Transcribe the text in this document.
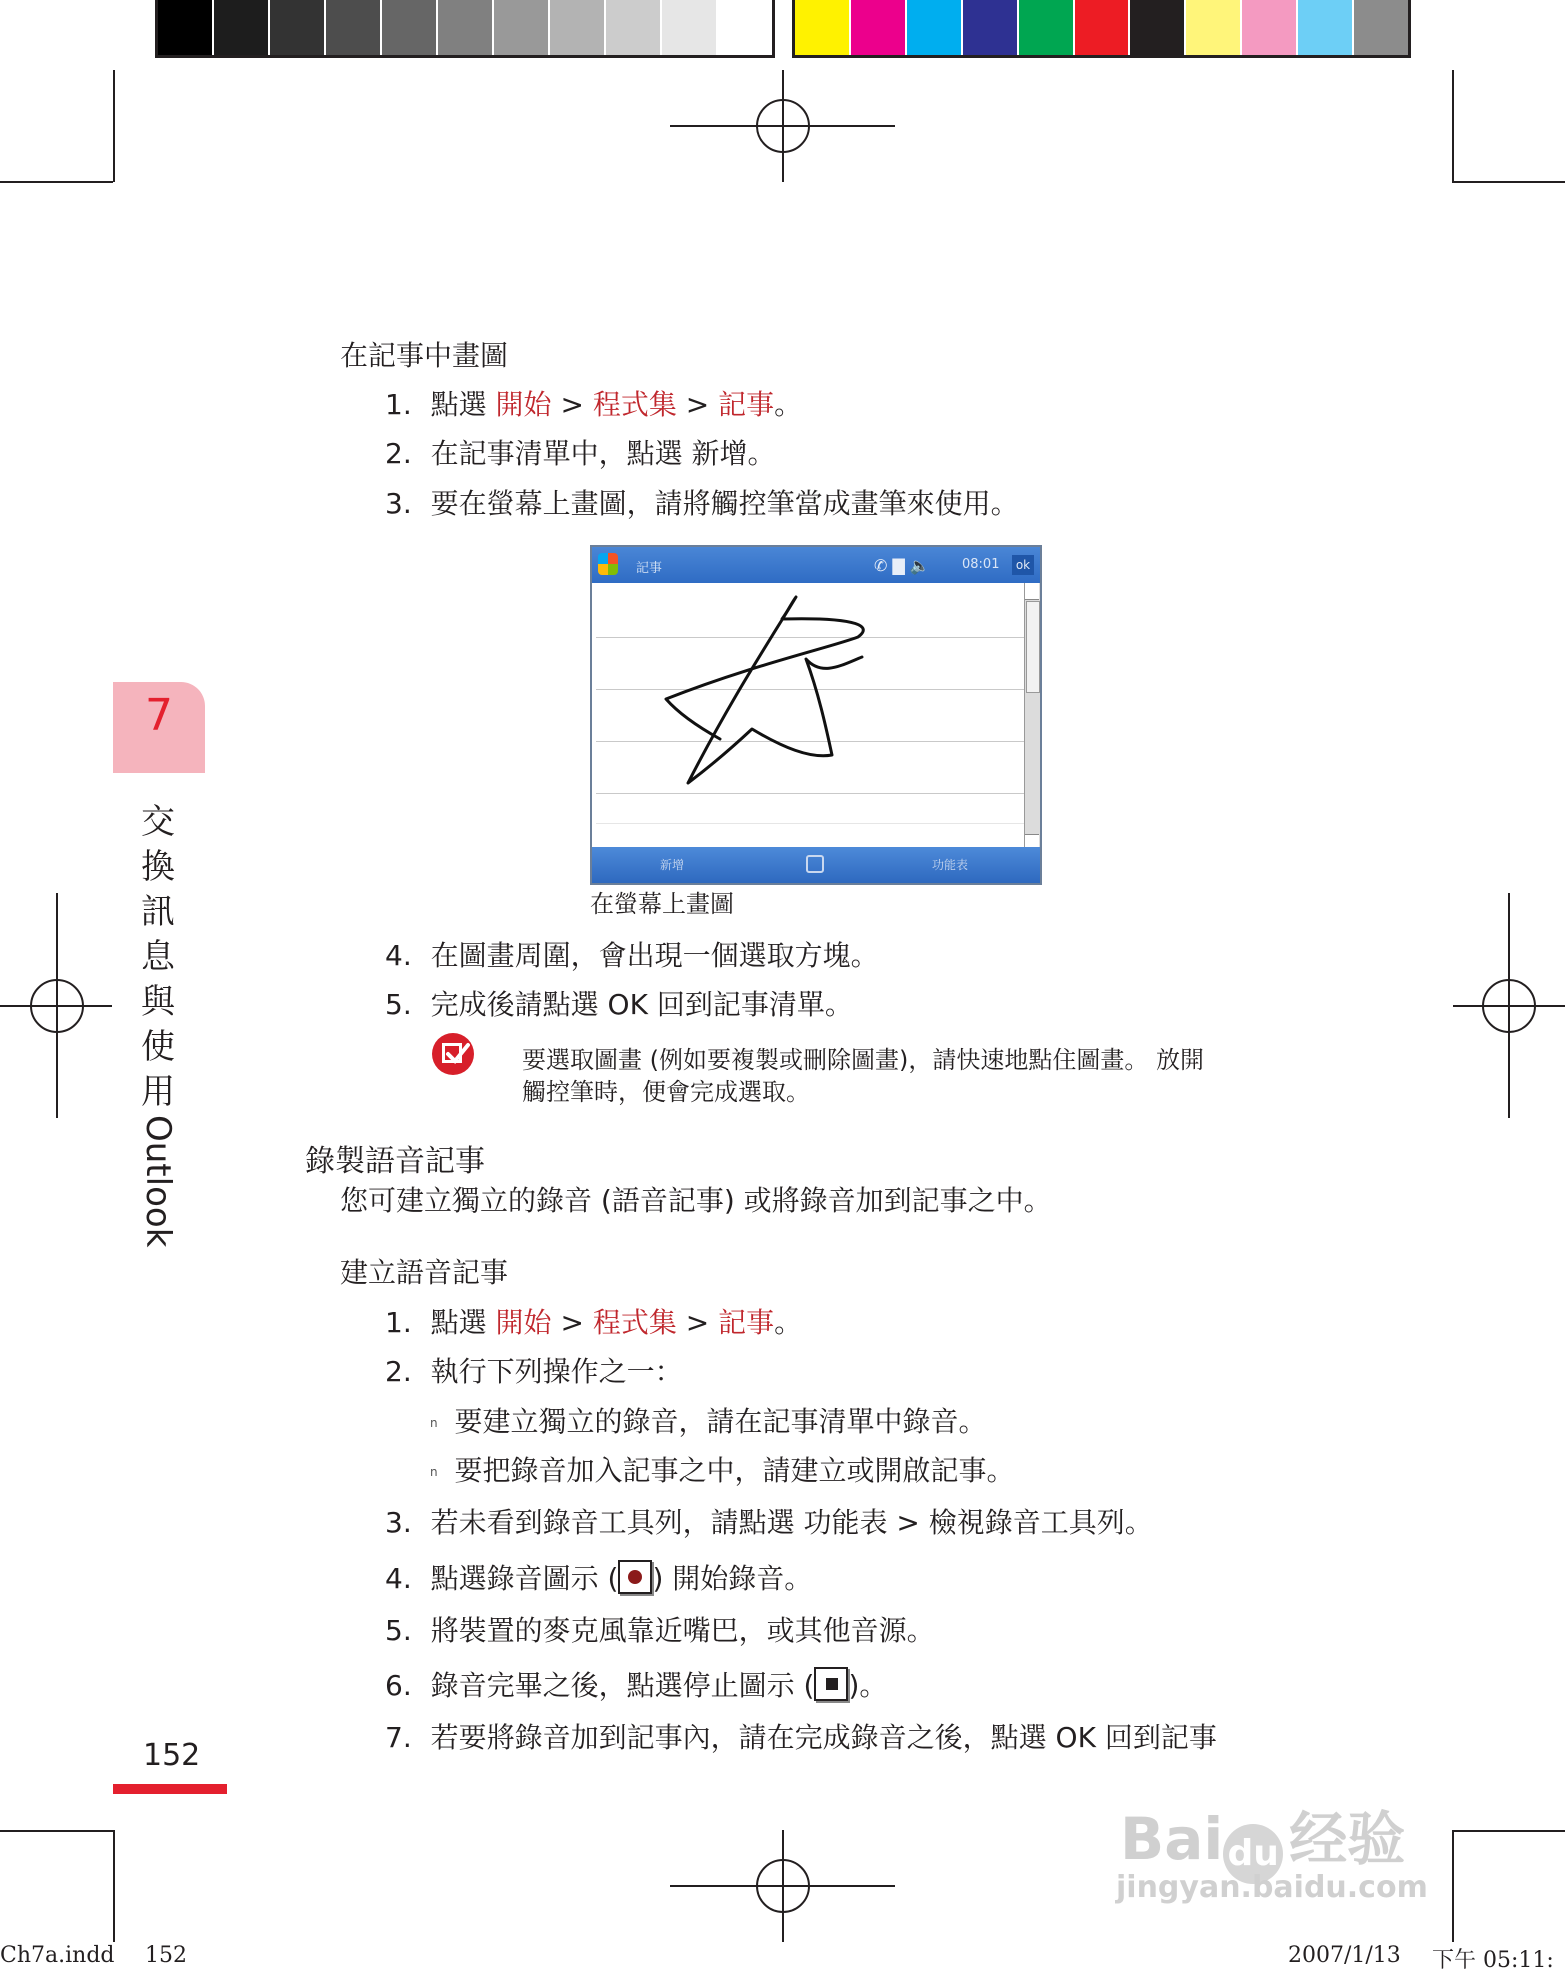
7
交
換
訊
息
與
使
用
Outlook
在記事中畫圖
1. 點選 開始 > 程式集 > 記事。
2. 在記事清單中，點選 新增。
3. 要在螢幕上畫圖，請將觸控筆當成畫筆來使用。
記事	✆ ▇ 🔈 08:01	ok
新增	功能表
在螢幕上畫圖
4. 在圖畫周圍，會出現一個選取方塊。
5. 完成後請點選 OK 回到記事清單。
要選取圖畫 (例如要複製或刪除圖畫)，請快速地點住圖畫。 放開
觸控筆時，便會完成選取。
錄製語音記事
您可建立獨立的錄音 (語音記事) 或將錄音加到記事之中。
建立語音記事
1. 點選 開始 > 程式集 > 記事。
2. 執行下列操作之一：
n 要建立獨立的錄音，請在記事清單中錄音。
n 要把錄音加入記事之中，請建立或開啟記事。
3. 若未看到錄音工具列，請點選 功能表 > 檢視錄音工具列。
4. 點選錄音圖示 ( ) 開始錄音。
5. 將裝置的麥克風靠近嘴巴，或其他音源。
6. 錄音完畢之後，點選停止圖示 ( )。
7. 若要將錄音加到記事內，請在完成錄音之後，點選 OK 回到記事
152
Bai du 经验
jingyan.baidu.com
Ch7a.indd 152	2007/1/13 下午 05:11:
